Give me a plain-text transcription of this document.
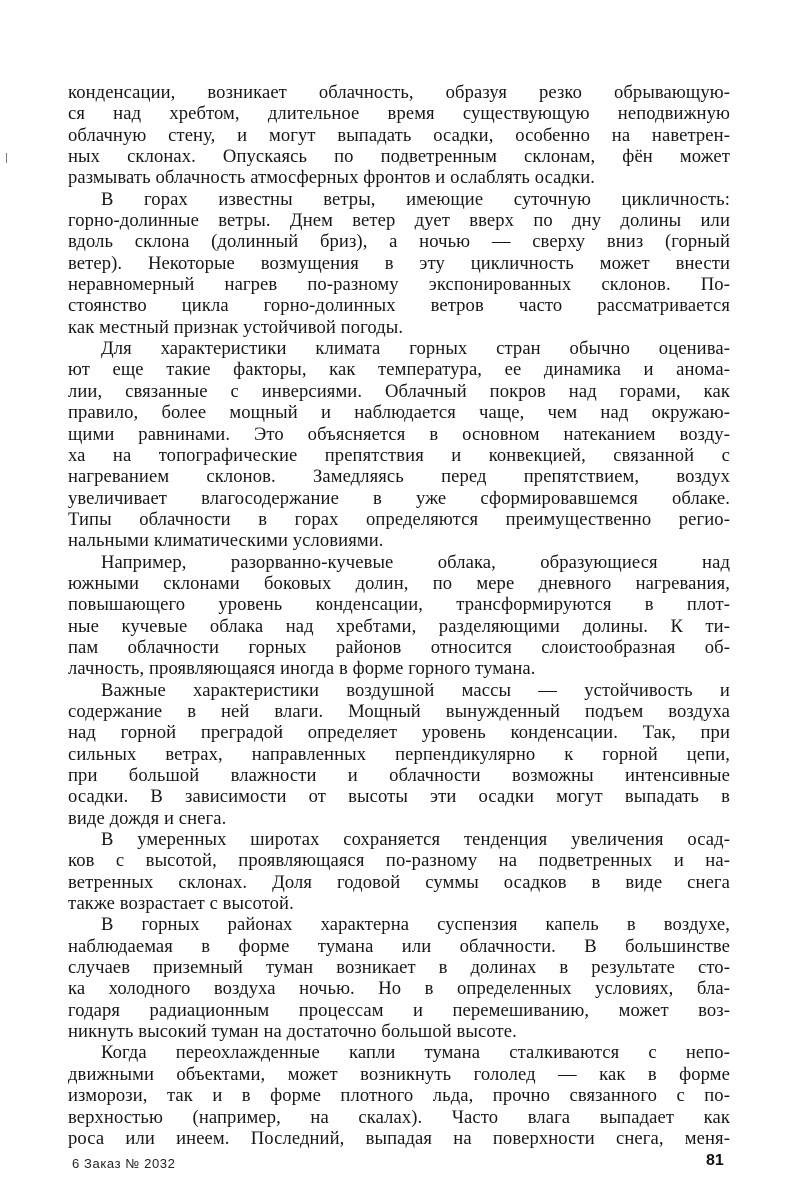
конденсации, возникает облачность, образуя резко обрывающую-
ся над хребтом, длительное время существующую неподвижную
облачную стену, и могут выпадать осадки, особенно на наветрен-
ных склонах. Опускаясь по подветренным склонам, фён может
размывать облачность атмосферных фронтов и ослаблять осадки.
В горах известны ветры, имеющие суточную цикличность:
горно-долинные ветры. Днем ветер дует вверх по дну долины или
вдоль склона (долинный бриз), а ночью — сверху вниз (горный
ветер). Некоторые возмущения в эту цикличность может внести
неравномерный нагрев по-разному экспонированных склонов. По-
стоянство цикла горно-долинных ветров часто рассматривается
как местный признак устойчивой погоды.
Для характеристики климата горных стран обычно оценива-
ют еще такие факторы, как температура, ее динамика и анома-
лии, связанные с инверсиями. Облачный покров над горами, как
правило, более мощный и наблюдается чаще, чем над окружаю-
щими равнинами. Это объясняется в основном натеканием возду-
ха на топографические препятствия и конвекцией, связанной с
нагреванием склонов. Замедляясь перед препятствием, воздух
увеличивает влагосодержание в уже сформировавшемся облаке.
Типы облачности в горах определяются преимущественно регио-
нальными климатическими условиями.
Например, разорванно-кучевые облака, образующиеся над
южными склонами боковых долин, по мере дневного нагревания,
повышающего уровень конденсации, трансформируются в плот-
ные кучевые облака над хребтами, разделяющими долины. К ти-
пам облачности горных районов относится слоистообразная об-
лачность, проявляющаяся иногда в форме горного тумана.
Важные характеристики воздушной массы — устойчивость и
содержание в ней влаги. Мощный вынужденный подъем воздуха
над горной преградой определяет уровень конденсации. Так, при
сильных ветрах, направленных перпендикулярно к горной цепи,
при большой влажности и облачности возможны интенсивные
осадки. В зависимости от высоты эти осадки могут выпадать в
виде дождя и снега.
В умеренных широтах сохраняется тенденция увеличения осад-
ков с высотой, проявляющаяся по-разному на подветренных и на-
ветренных склонах. Доля годовой суммы осадков в виде снега
также возрастает с высотой.
В горных районах характерна суспензия капель в воздухе,
наблюдаемая в форме тумана или облачности. В большинстве
случаев приземный туман возникает в долинах в результате сто-
ка холодного воздуха ночью. Но в определенных условиях, бла-
годаря радиационным процессам и перемешиванию, может воз-
никнуть высокий туман на достаточно большой высоте.
Когда переохлажденные капли тумана сталкиваются с непо-
движными объектами, может возникнуть гололед — как в форме
изморози, так и в форме плотного льда, прочно связанного с по-
верхностью (например, на скалах). Часто влага выпадает как
роса или инеем. Последний, выпадая на поверхности снега, меня-
6 Заказ № 2032	81
